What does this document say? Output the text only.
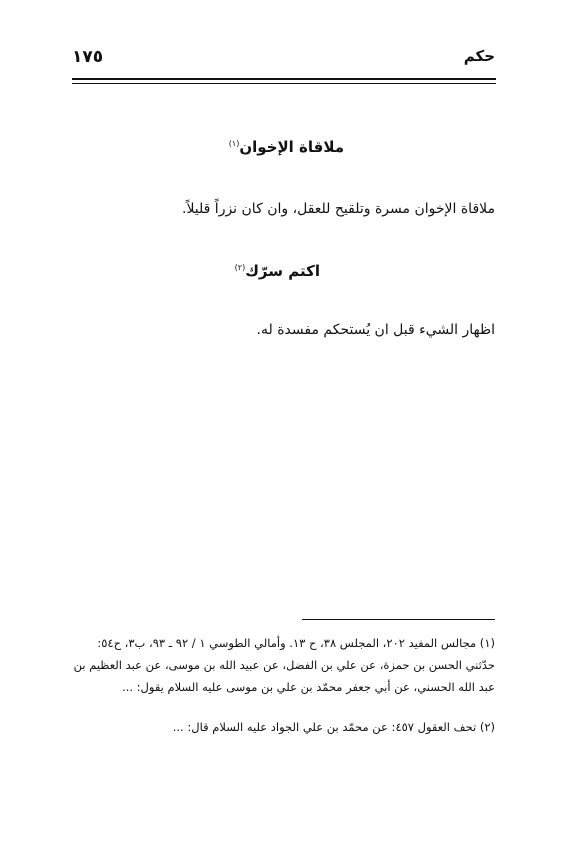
١٧٥	حكم
ملاقاة الإخوان$^{(١)}$
ملاقاة الإخوان مسرة وتلقيح للعقل، وان كان نزراً قليلاً.
اكتم سرّك$^{(٢)}$
اظهار الشيء قبل ان يُستحكم مفسدة له.
(١) مجالس المفيد ٢٠٢، المجلس ٣٨، ح ١٣. وأمالي الطوسي ١ / ٩٢ ـ ٩٣، ب٣، ح٥٤:
حدّثني الحسن بن حمزة، عن علي بن الفضل، عن عبيد الله بن موسى، عن عبد العظيم بن
عبد الله الحسني، عن أبي جعفر محمّد بن علي بن موسى عليه السلام يقول: ...
(٢) تحف العقول ٤٥٧: عن محمّد بن علي الجواد عليه السلام قال: ...
